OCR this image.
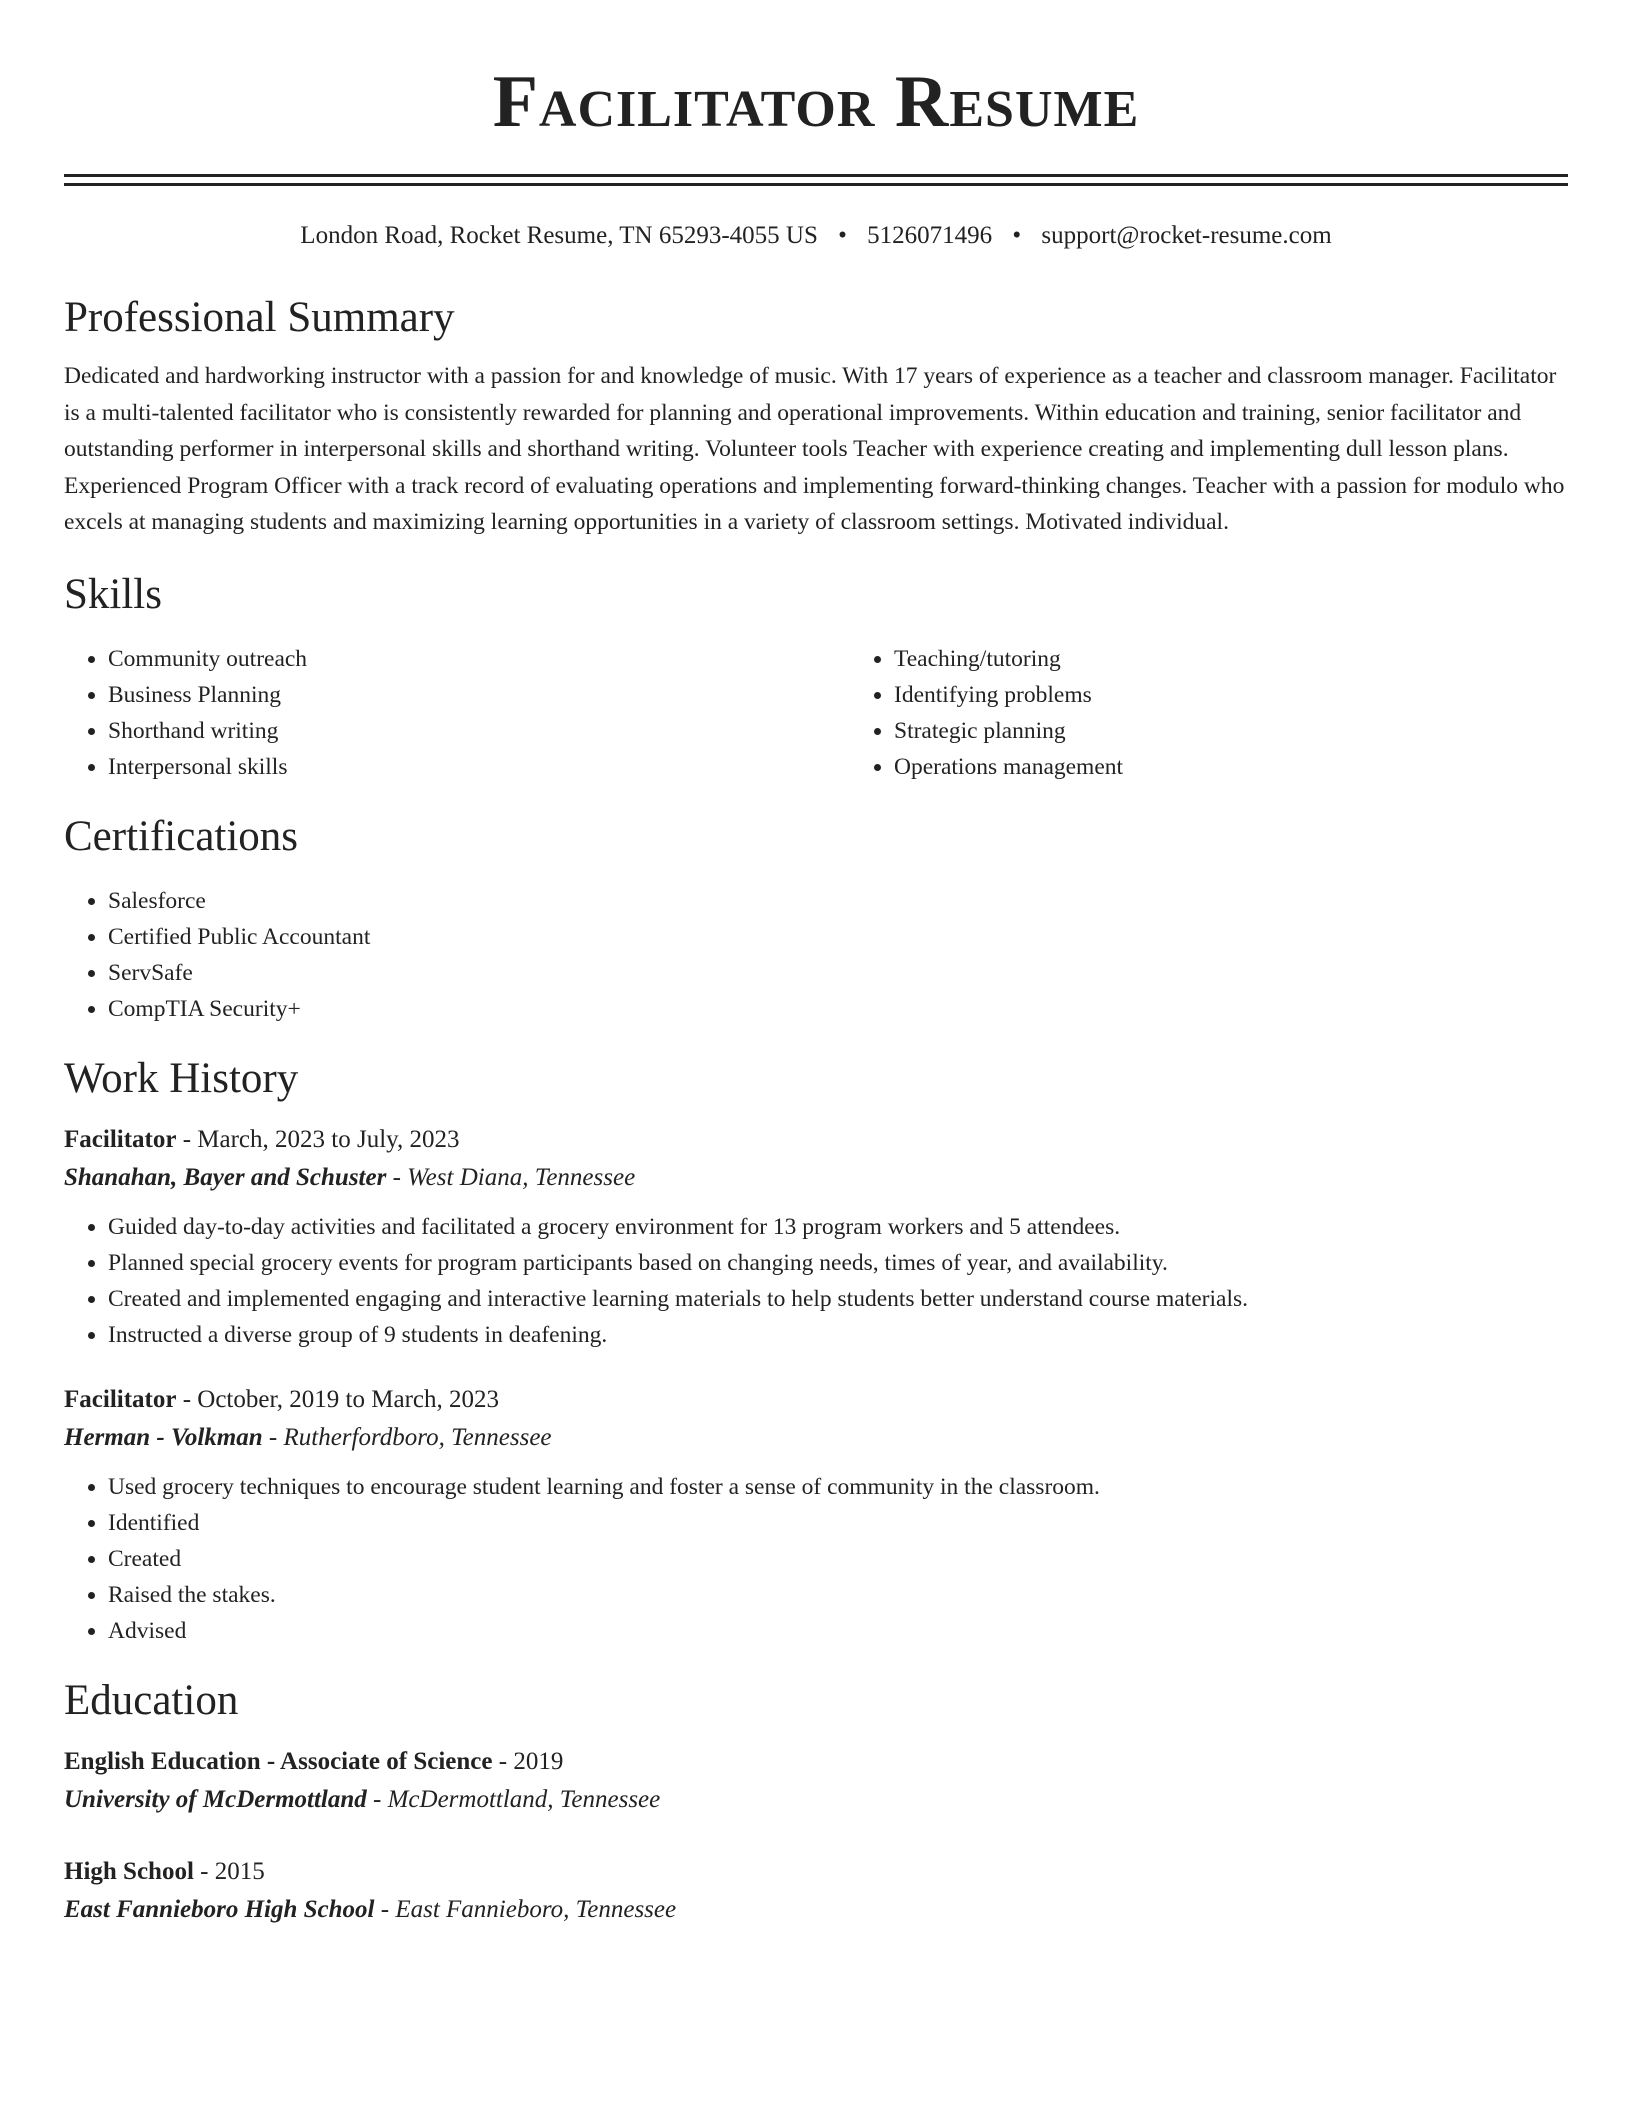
Facilitator Resume
London Road, Rocket Resume, TN 65293-4055 US • 5126071496 • support@rocket-resume.com
Professional Summary

Dedicated and hardworking instructor with a passion for and knowledge of music. With 17 years of experience as a teacher and classroom manager. Facilitator is a multi-talented facilitator who is consistently rewarded for planning and operational improvements. Within education and training, senior facilitator and outstanding performer in interpersonal skills and shorthand writing. Volunteer tools Teacher with experience creating and implementing dull lesson plans. Experienced Program Officer with a track record of evaluating operations and implementing forward-thinking changes. Teacher with a passion for modulo who excels at managing students and maximizing learning opportunities in a variety of classroom settings. Motivated individual.

Skills
• Community outreach
• Business Planning
• Shorthand writing
• Interpersonal skills
• Teaching/tutoring
• Identifying problems
• Strategic planning
• Operations management
Certifications
• Salesforce
• Certified Public Accountant
• ServSafe
• CompTIA Security+
Work History
Facilitator - March, 2023 to July, 2023
Shanahan, Bayer and Schuster - West Diana, Tennessee
• Guided day-to-day activities and facilitated a grocery environment for 13 program workers and 5 attendees.
• Planned special grocery events for program participants based on changing needs, times of year, and availability.
• Created and implemented engaging and interactive learning materials to help students better understand course materials.
• Instructed a diverse group of 9 students in deafening.
Facilitator - October, 2019 to March, 2023
Herman - Volkman - Rutherfordboro, Tennessee
• Used grocery techniques to encourage student learning and foster a sense of community in the classroom.
• Identified
• Created
• Raised the stakes.
• Advised
Education
English Education - Associate of Science - 2019
University of McDermottland - McDermottland, Tennessee
High School - 2015
East Fannieboro High School - East Fannieboro, Tennessee
